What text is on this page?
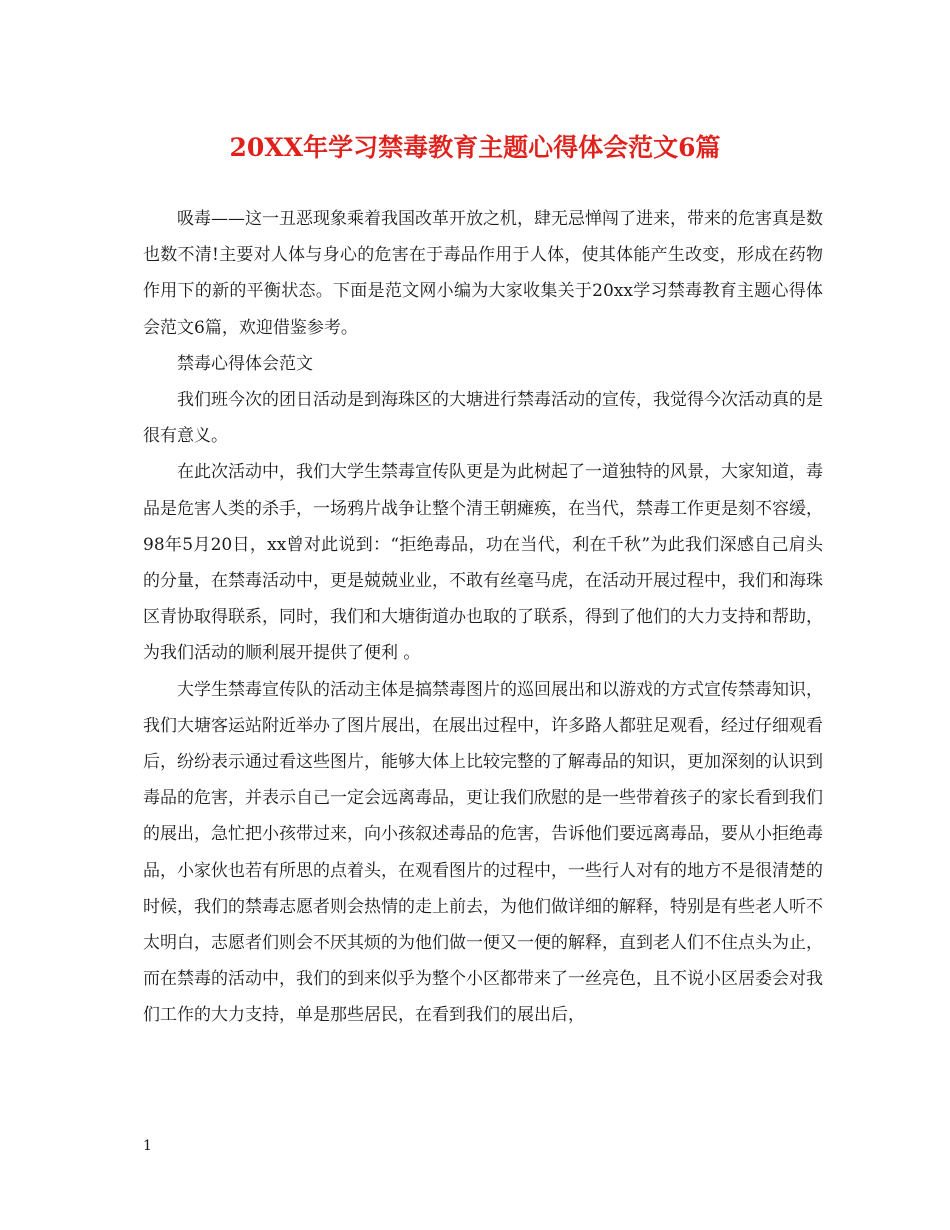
20XX年学习禁毒教育主题心得体会范文6篇

吸毒——这一丑恶现象乘着我国改革开放之机，肆无忌惮闯了进来，带来的危害真是数也数不清!主要对人体与身心的危害在于毒品作用于人体，使其体能产生改变，形成在药物作用下的新的平衡状态。下面是范文网小编为大家收集关于20xx学习禁毒教育主题心得体会范文6篇，欢迎借鉴参考。

禁毒心得体会范文

我们班今次的团日活动是到海珠区的大塘进行禁毒活动的宣传，我觉得今次活动真的是很有意义。

在此次活动中，我们大学生禁毒宣传队更是为此树起了一道独特的风景，大家知道，毒品是危害人类的杀手，一场鸦片战争让整个清王朝瘫痪，在当代，禁毒工作更是刻不容缓，98年5月20日，xx曾对此说到：“拒绝毒品，功在当代，利在千秋”为此我们深感自己肩头的分量，在禁毒活动中，更是兢兢业业，不敢有丝毫马虎，在活动开展过程中，我们和海珠区青协取得联系，同时，我们和大塘街道办也取的了联系，得到了他们的大力支持和帮助，为我们活动的顺利展开提供了便利 。

大学生禁毒宣传队的活动主体是搞禁毒图片的巡回展出和以游戏的方式宣传禁毒知识，我们大塘客运站附近举办了图片展出，在展出过程中，许多路人都驻足观看，经过仔细观看后，纷纷表示通过看这些图片，能够大体上比较完整的了解毒品的知识，更加深刻的认识到毒品的危害，并表示自己一定会远离毒品，更让我们欣慰的是一些带着孩子的家长看到我们的展出，急忙把小孩带过来，向小孩叙述毒品的危害，告诉他们要远离毒品，要从小拒绝毒品，小家伙也若有所思的点着头，在观看图片的过程中，一些行人对有的地方不是很清楚的时候，我们的禁毒志愿者则会热情的走上前去，为他们做详细的解释，特别是有些老人听不太明白，志愿者们则会不厌其烦的为他们做一便又一便的解释，直到老人们不住点头为止，而在禁毒的活动中，我们的到来似乎为整个小区都带来了一丝亮色，且不说小区居委会对我们工作的大力支持，单是那些居民，在看到我们的展出后，

1
